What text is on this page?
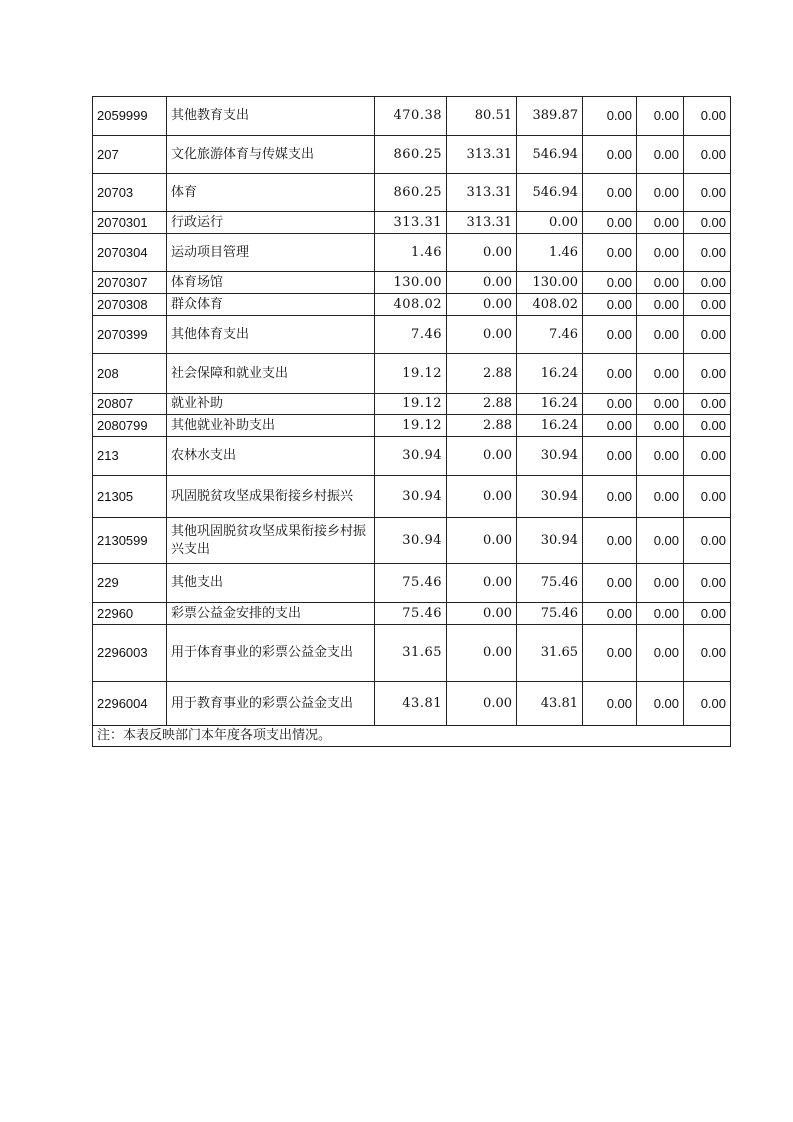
2059999	其他教育支出	470.38	80.51	389.87	0.00	0.00	0.00
207	文化旅游体育与传媒支出	860.25	313.31	546.94	0.00	0.00	0.00
20703	体育	860.25	313.31	546.94	0.00	0.00	0.00
2070301	行政运行	313.31	313.31	0.00	0.00	0.00	0.00
2070304	运动项目管理	1.46	0.00	1.46	0.00	0.00	0.00
2070307	体育场馆	130.00	0.00	130.00	0.00	0.00	0.00
2070308	群众体育	408.02	0.00	408.02	0.00	0.00	0.00
2070399	其他体育支出	7.46	0.00	7.46	0.00	0.00	0.00
208	社会保障和就业支出	19.12	2.88	16.24	0.00	0.00	0.00
20807	就业补助	19.12	2.88	16.24	0.00	0.00	0.00
2080799	其他就业补助支出	19.12	2.88	16.24	0.00	0.00	0.00
213	农林水支出	30.94	0.00	30.94	0.00	0.00	0.00
21305	巩固脱贫攻坚成果衔接乡村振兴	30.94	0.00	30.94	0.00	0.00	0.00
2130599	其他巩固脱贫攻坚成果衔接乡村振兴支出	30.94	0.00	30.94	0.00	0.00	0.00
229	其他支出	75.46	0.00	75.46	0.00	0.00	0.00
22960	彩票公益金安排的支出	75.46	0.00	75.46	0.00	0.00	0.00
2296003	用于体育事业的彩票公益金支出	31.65	0.00	31.65	0.00	0.00	0.00
2296004	用于教育事业的彩票公益金支出	43.81	0.00	43.81	0.00	0.00	0.00
注：本表反映部门本年度各项支出情况。							
